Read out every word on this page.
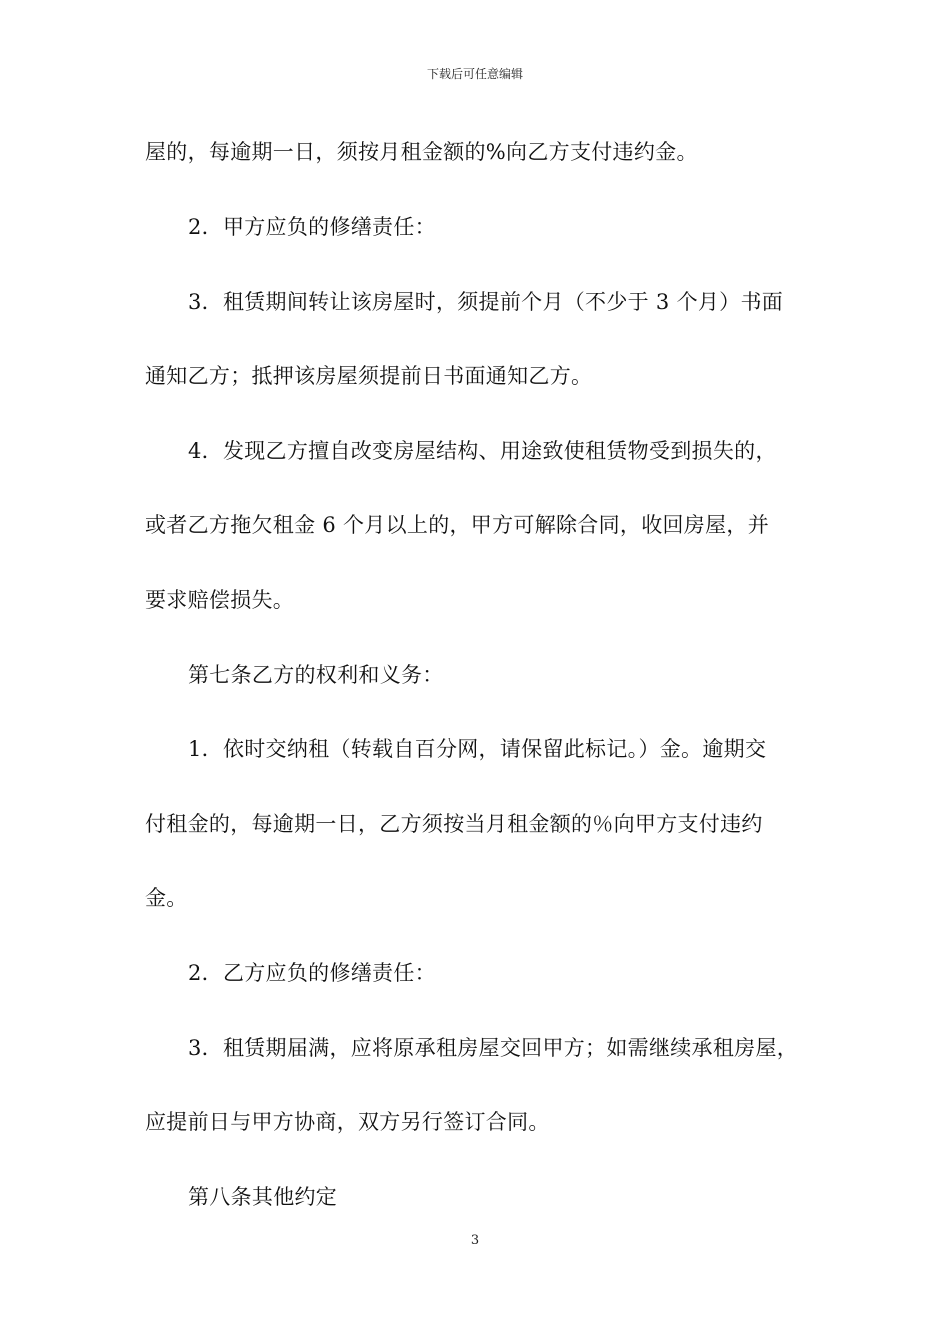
下载后可任意编辑
屋的，每逾期一日，须按月租金额的%向乙方支付违约金。
2．甲方应负的修缮责任：
3．租赁期间转让该房屋时，须提前个月（不少于 3 个月）书面
通知乙方；抵押该房屋须提前日书面通知乙方。
4．发现乙方擅自改变房屋结构、用途致使租赁物受到损失的，
或者乙方拖欠租金 6 个月以上的，甲方可解除合同，收回房屋，并
要求赔偿损失。
第七条乙方的权利和义务：
1．依时交纳租（转载自百分网，请保留此标记。）金。逾期交
付租金的，每逾期一日，乙方须按当月租金额的％向甲方支付违约
金。
2．乙方应负的修缮责任：
3．租赁期届满，应将原承租房屋交回甲方；如需继续承租房屋，
应提前日与甲方协商，双方另行签订合同。
第八条其他约定
3
